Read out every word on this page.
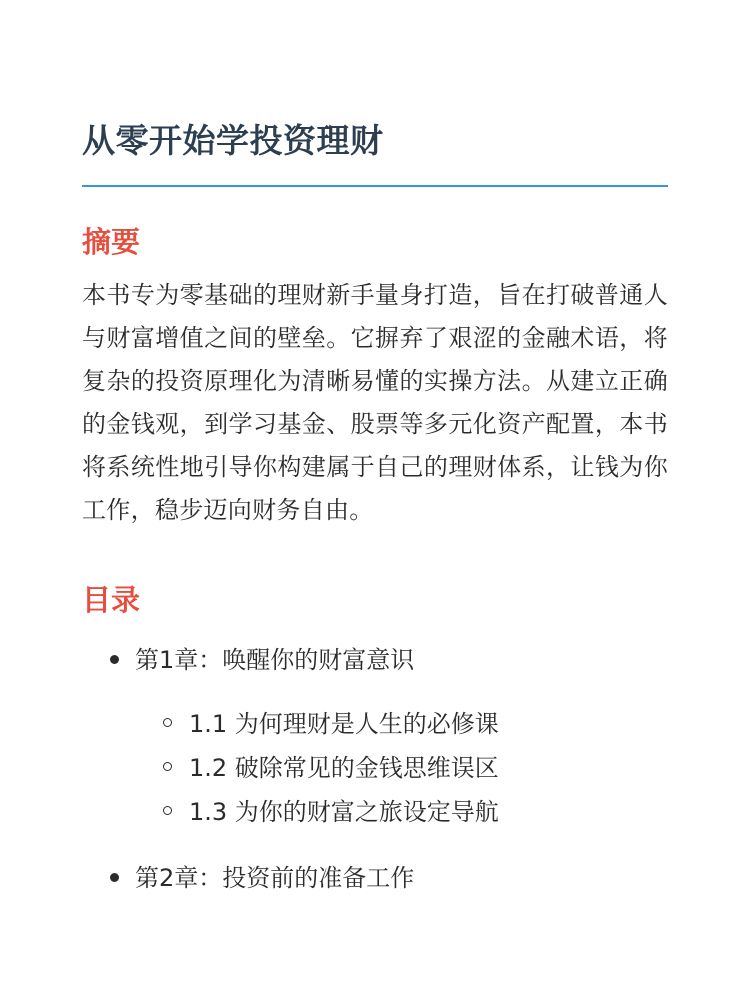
从零开始学投资理财
摘要

本书专为零基础的理财新手量身打造，旨在打破普通人与财富增值之间的壁垒。它摒弃了艰涩的金融术语，将复杂的投资原理化为清晰易懂的实操方法。从建立正确的金钱观，到学习基金、股票等多元化资产配置，本书将系统性地引导你构建属于自己的理财体系，让钱为你工作，稳步迈向财务自由。

目录
第1章：唤醒你的财富意识
1.1 为何理财是人生的必修课
1.2 破除常见的金钱思维误区
1.3 为你的财富之旅设定导航
第2章：投资前的准备工作
